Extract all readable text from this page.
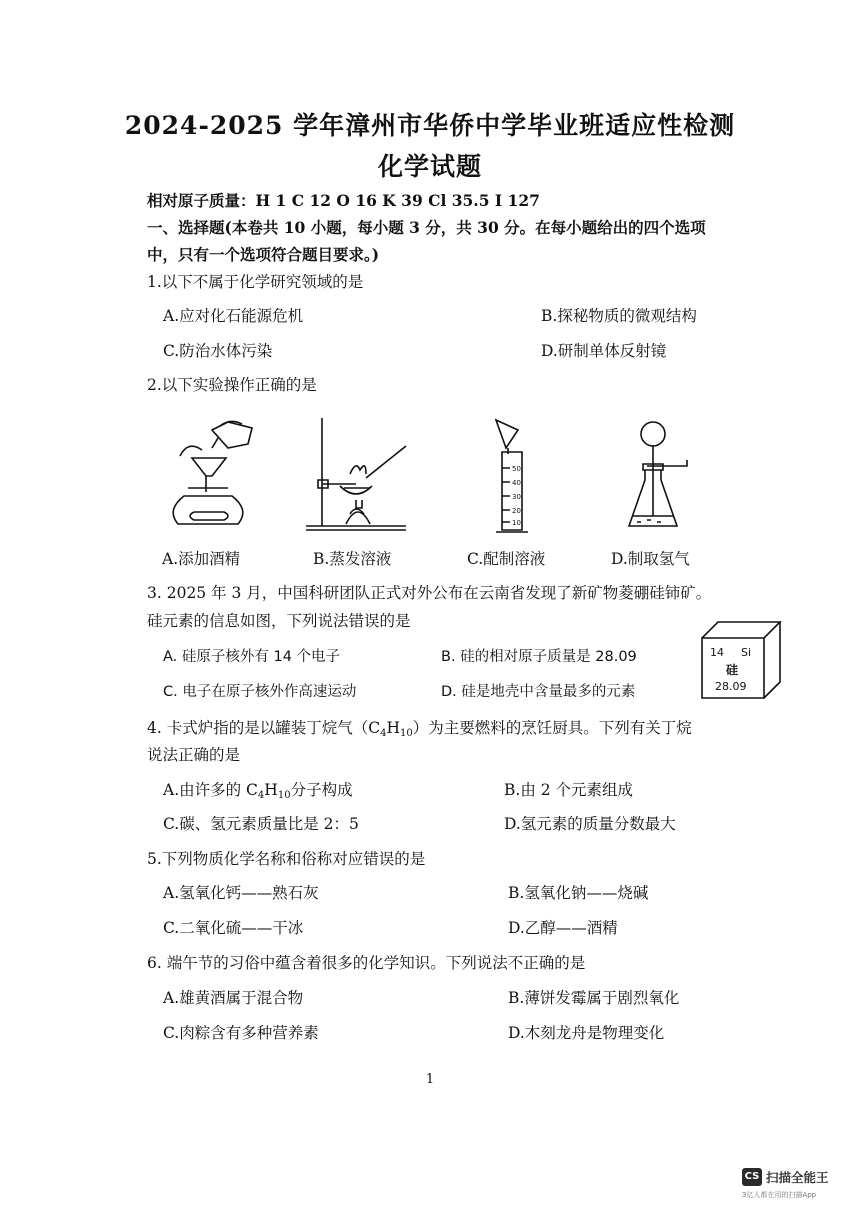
2024-2025 学年漳州市华侨中学毕业班适应性检测
化学试题
相对原子质量：H 1 C 12 O 16 K 39 Cl 35.5 I 127
一、选择题(本卷共 10 小题，每小题 3 分，共 30 分。在每小题给出的四个选项
中，只有一个选项符合题目要求。)
1.以下不属于化学研究领域的是
A.应对化石能源危机	B.探秘物质的微观结构
C.防治水体污染	D.研制单体反射镜
2.以下实验操作正确的是
50
40
30
20
10
A.添加酒精	B.蒸发溶液	C.配制溶液	D.制取氢气
3. 2025 年 3 月，中国科研团队正式对外公布在云南省发现了新矿物菱硼硅铈矿。
硅元素的信息如图，下列说法错误的是
A. 硅原子核外有 14 个电子	B. 硅的相对原子质量是 28.09
C. 电子在原子核外作高速运动	D. 硅是地壳中含量最多的元素
14 Si
硅
28.09
4. 卡式炉指的是以罐装丁烷气$(C_4H_{10})$为主要燃料的烹饪厨具。下列有关丁烷
说法正确的是
A.由许多的 $C_4H_{10}$分子构成	B.由 2 个元素组成
C.碳、氢元素质量比是 2：5	D.氢元素的质量分数最大
5.下列物质化学名称和俗称对应错误的是
A.氢氧化钙——熟石灰	B.氢氧化钠——烧碱
C.二氧化硫——干冰	D.乙醇——酒精
6. 端午节的习俗中蕴含着很多的化学知识。下列说法不正确的是
A.雄黄酒属于混合物	B.薄饼发霉属于剧烈氧化
C.肉粽含有多种营养素	D.木刻龙舟是物理变化
1
CS 扫描全能王
3亿人都在用的扫描App
